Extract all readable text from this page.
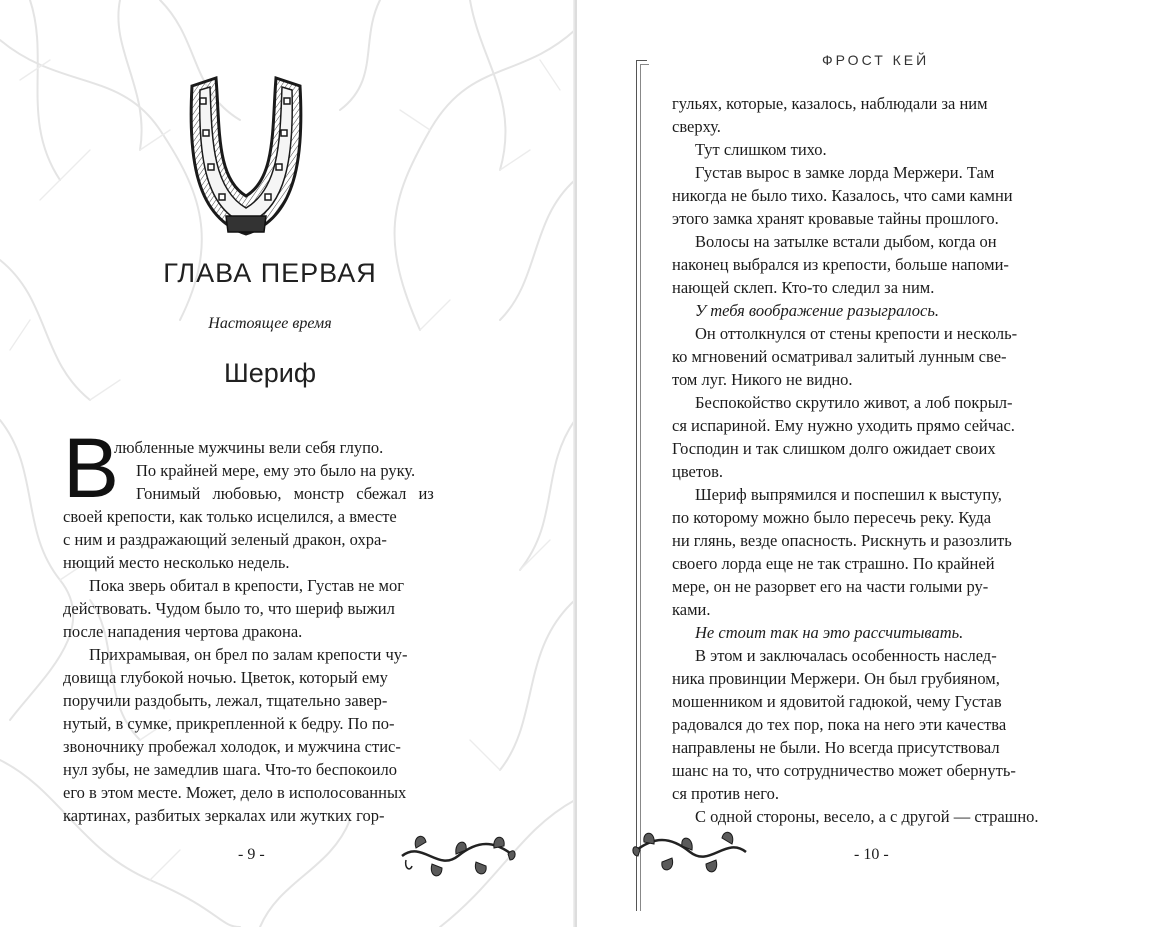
ГЛАВА ПЕРВАЯ
Настоящее время
Шериф
В
любленные мужчины вели себя глупо.
По крайней мере, ему это было на руку.
Гонимый любовью, монстр сбежал из
своей крепости, как только исцелился, а вместе
с ним и раздражающий зеленый дракон, охра-
нющий место несколько недель.
Пока зверь обитал в крепости, Густав не мог
действовать. Чудом было то, что шериф выжил
после нападения чертова дракона.
Прихрамывая, он брел по залам крепости чу-
довища глубокой ночью. Цветок, который ему
поручили раздобыть, лежал, тщательно завер-
нутый, в сумке, прикрепленной к бедру. По по-
звоночнику пробежал холодок, и мужчина стис-
нул зубы, не замедлив шага. Что-то беспокоило
его в этом месте. Может, дело в исполосованных
картинах, разбитых зеркалах или жутких гор-
- 9 -
ФРОСТ КЕЙ
гульях, которые, казалось, наблюдали за ним
сверху.
Тут слишком тихо.
Густав вырос в замке лорда Мержери. Там
никогда не было тихо. Казалось, что сами камни
этого замка хранят кровавые тайны прошлого.
Волосы на затылке встали дыбом, когда он
наконец выбрался из крепости, больше напоми-
нающей склеп. Кто-то следил за ним.
У тебя воображение разыгралось.
Он оттолкнулся от стены крепости и несколь-
ко мгновений осматривал залитый лунным све-
том луг. Никого не видно.
Беспокойство скрутило живот, а лоб покрыл-
ся испариной. Ему нужно уходить прямо сейчас.
Господин и так слишком долго ожидает своих
цветов.
Шериф выпрямился и поспешил к выступу,
по которому можно было пересечь реку. Куда
ни глянь, везде опасность. Рискнуть и разозлить
своего лорда еще не так страшно. По крайней
мере, он не разорвет его на части голыми ру-
ками.
Не стоит так на это рассчитывать.
В этом и заключалась особенность наслед-
ника провинции Мержери. Он был грубияном,
мошенником и ядовитой гадюкой, чему Густав
радовался до тех пор, пока на него эти качества
направлены не были. Но всегда присутствовал
шанс на то, что сотрудничество может обернуть-
ся против него.
С одной стороны, весело, а с другой — страшно.
- 10 -
